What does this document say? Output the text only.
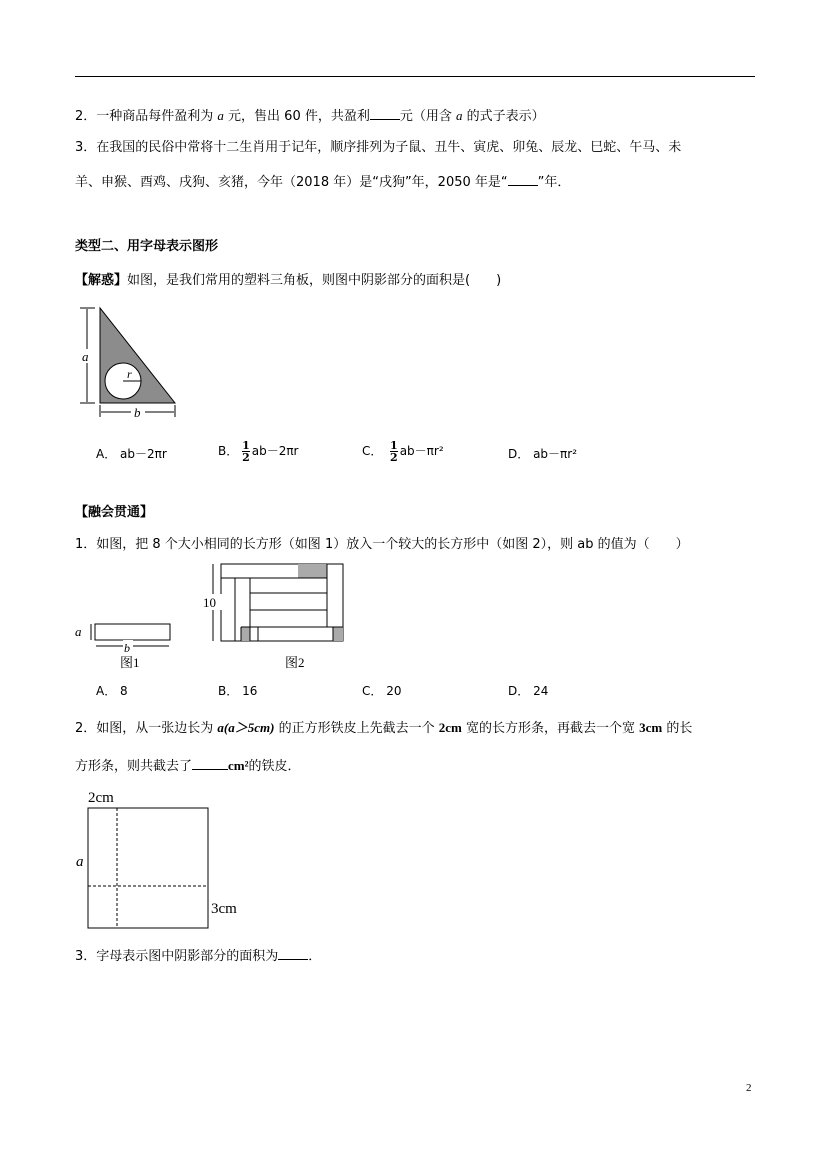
2．一种商品每件盈利为 a 元，售出 60 件，共盈利 元（用含 a 的式子表示）
3．在我国的民俗中常将十二生肖用于记年，顺序排列为子鼠、丑牛、寅虎、卯兔、辰龙、巳蛇、午马、未
羊、申猴、酉鸡、戌狗、亥猪，今年（2018 年）是“戌狗”年，2050 年是“ ”年．
类型二、用字母表示图形
【解惑】如图，是我们常用的塑料三角板，则图中阴影部分的面积是(　　)
r
a
b
A． ab－2πr	B． $\frac{1}{2} ab-2\pi r$	C． $\frac{1}{2} ab-\pi r^2$	D． ab－πr²
【融会贯通】
1．如图，把 8 个大小相同的长方形（如图 1）放入一个较大的长方形中（如图 2），则 ab 的值为（　　）
a
b
图1
10
图2
A． 8	B． 16	C． 20	D． 24
2．如图，从一张边长为 a(a＞5cm) 的正方形铁皮上先截去一个 2cm 宽的长方形条，再截去一个宽 3cm 的长
方形条，则共截去了	cm²的铁皮．
2cm
a
3cm
3．字母表示图中阴影部分的面积为 ．
2
